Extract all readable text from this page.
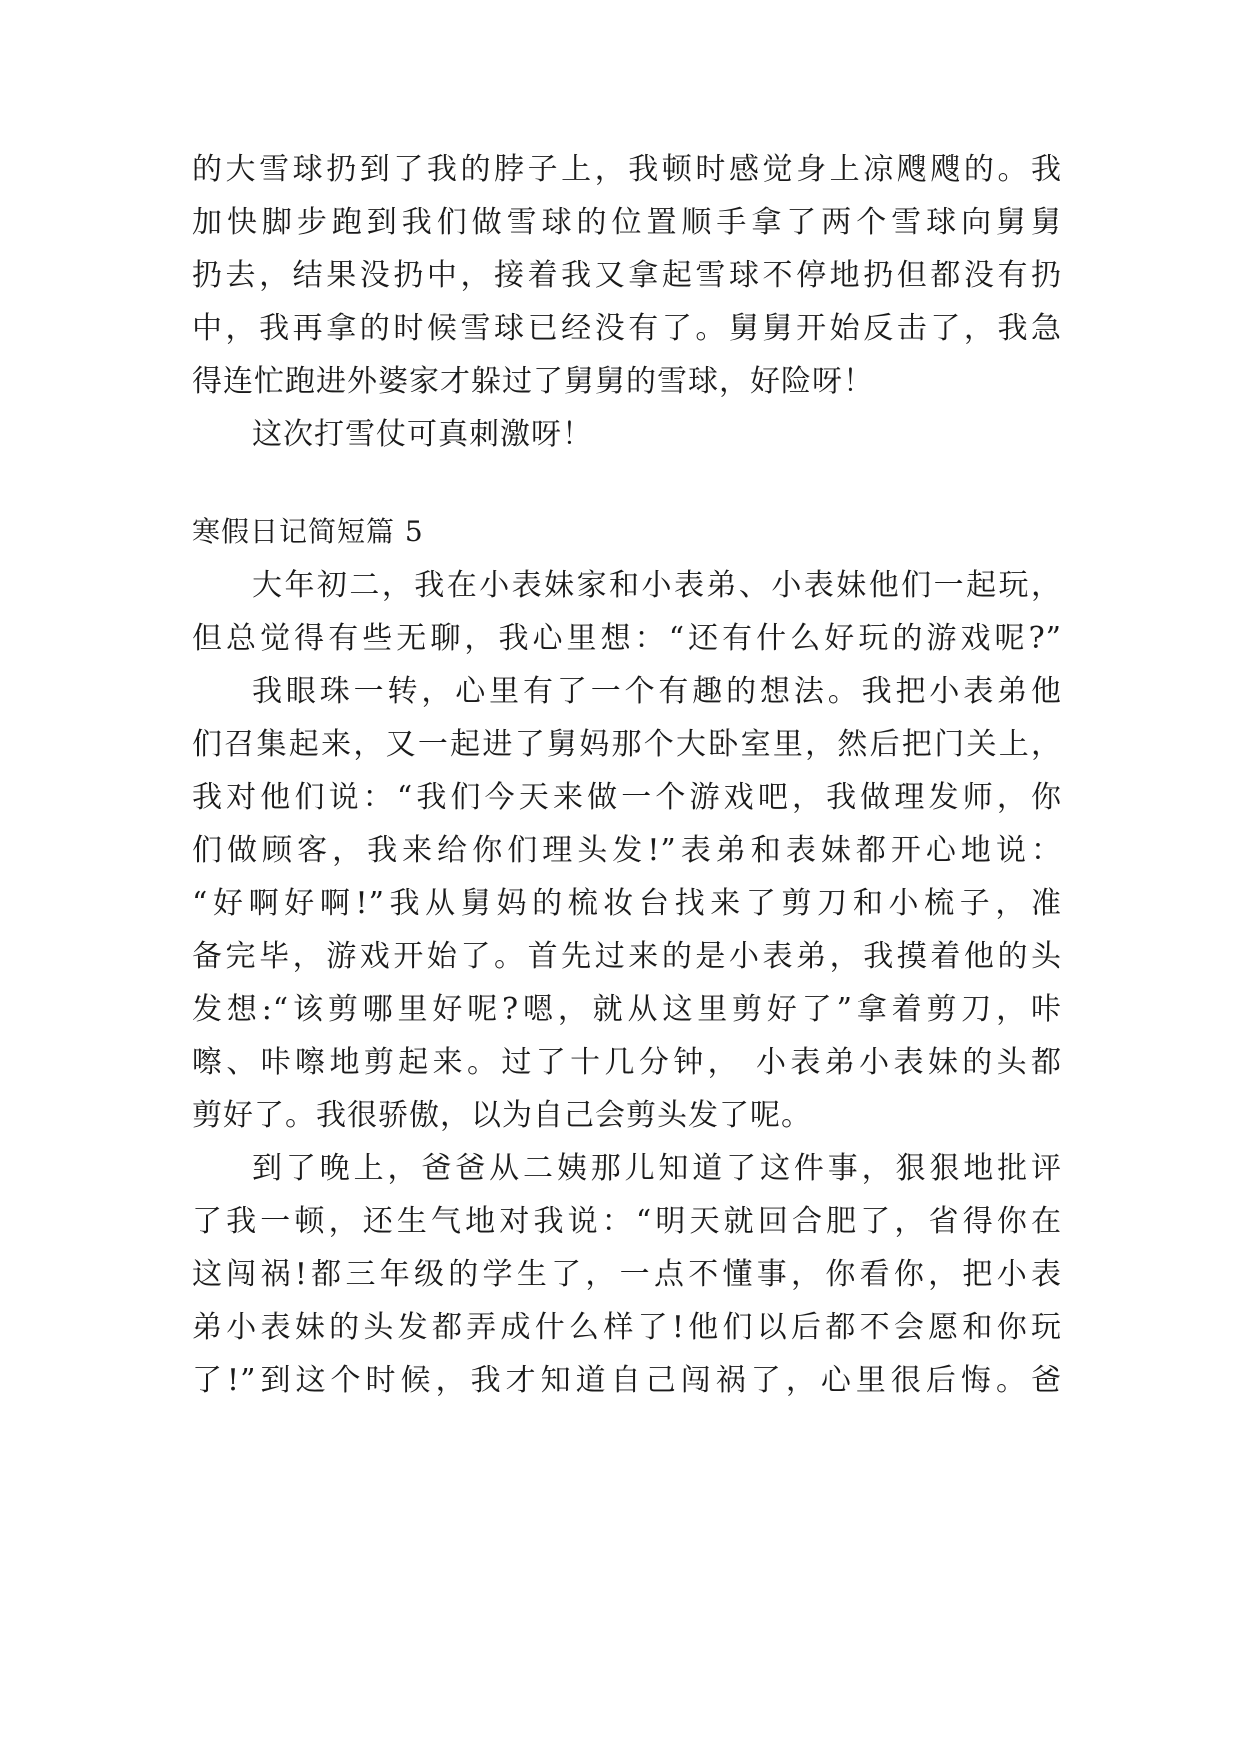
的大雪球扔到了我的脖子上，我顿时感觉身上凉飕飕的。我
加快脚步跑到我们做雪球的位置顺手拿了两个雪球向舅舅
扔去，结果没扔中，接着我又拿起雪球不停地扔但都没有扔
中，我再拿的时候雪球已经没有了。舅舅开始反击了，我急
得连忙跑进外婆家才躲过了舅舅的雪球，好险呀！
这次打雪仗可真刺激呀！
寒假日记简短篇 5
大年初二，我在小表妹家和小表弟、小表妹他们一起玩，
但总觉得有些无聊，我心里想：“还有什么好玩的游戏呢?”
我眼珠一转，心里有了一个有趣的想法。我把小表弟他
们召集起来，又一起进了舅妈那个大卧室里，然后把门关上，
我对他们说：“我们今天来做一个游戏吧，我做理发师，你
们做顾客，我来给你们理头发!”表弟和表妹都开心地说：
“好啊好啊!”我从舅妈的梳妆台找来了剪刀和小梳子，准
备完毕，游戏开始了。首先过来的是小表弟，我摸着他的头
发想:“该剪哪里好呢?嗯，就从这里剪好了”拿着剪刀，咔
嚓、咔嚓地剪起来。过了十几分钟， 小表弟小表妹的头都
剪好了。我很骄傲，以为自己会剪头发了呢。
到了晚上，爸爸从二姨那儿知道了这件事，狠狠地批评
了我一顿，还生气地对我说：“明天就回合肥了，省得你在
这闯祸!都三年级的学生了，一点不懂事，你看你，把小表
弟小表妹的头发都弄成什么样了!他们以后都不会愿和你玩
了!”到这个时候，我才知道自己闯祸了，心里很后悔。爸
